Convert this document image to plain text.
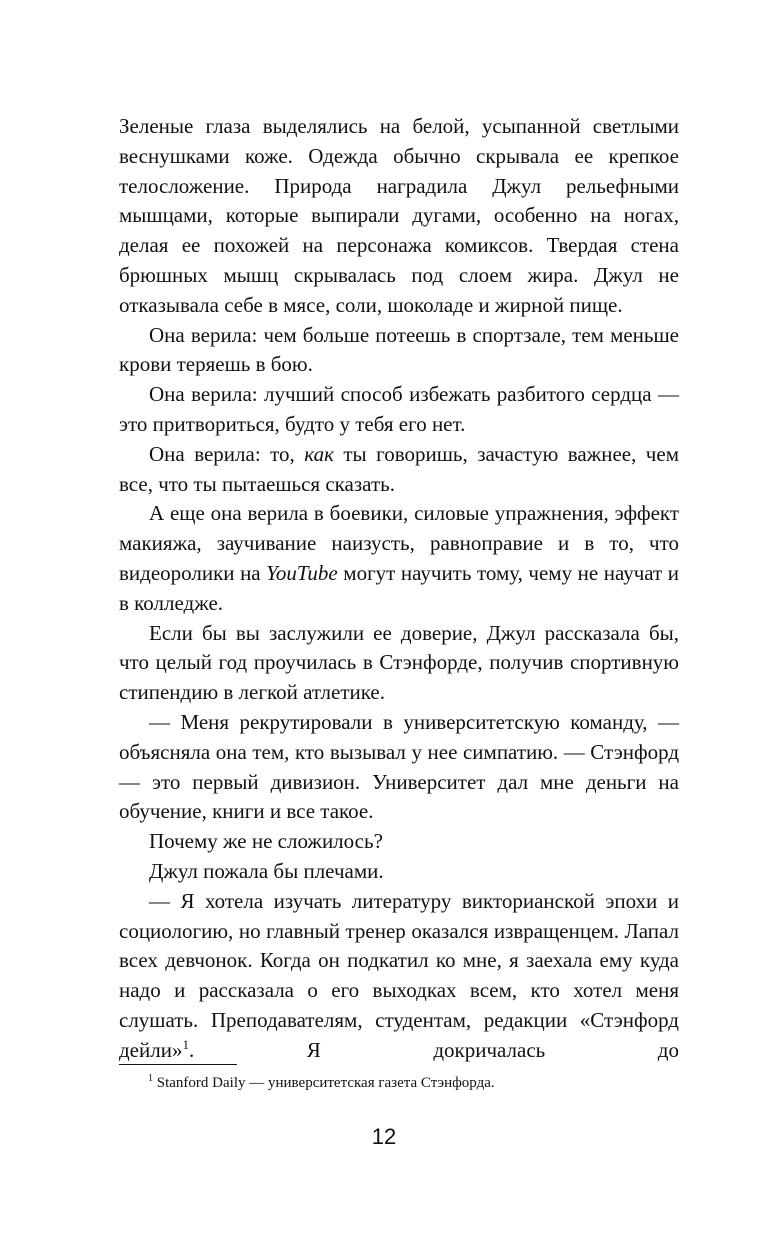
Зеленые глаза выделялись на белой, усыпанной светлыми веснушками коже. Одежда обычно скрывала ее крепкое телосложение. Природа наградила Джул рельефными мышцами, которые выпирали дугами, особенно на ногах, делая ее похожей на персонажа комиксов. Твердая стена брюшных мышц скрывалась под слоем жира. Джул не отказывала себе в мясе, соли, шоколаде и жирной пище.

Она верила: чем больше потеешь в спортзале, тем меньше крови теряешь в бою.

Она верила: лучший способ избежать разбитого сердца — это притвориться, будто у тебя его нет.

Она верила: то, как ты говоришь, зачастую важнее, чем все, что ты пытаешься сказать.

А еще она верила в боевики, силовые упражнения, эффект макияжа, заучивание наизусть, равноправие и в то, что видеоролики на YouTube могут научить тому, чему не научат и в колледже.

Если бы вы заслужили ее доверие, Джул рассказала бы, что целый год проучилась в Стэнфорде, получив спортивную стипендию в легкой атлетике.

— Меня рекрутировали в университетскую команду, — объясняла она тем, кто вызывал у нее симпатию. — Стэнфорд — это первый дивизион. Университет дал мне деньги на обучение, книги и все такое.

Почему же не сложилось?

Джул пожала бы плечами.

— Я хотела изучать литературу викторианской эпохи и социологию, но главный тренер оказался извращенцем. Лапал всех девчонок. Когда он подкатил ко мне, я заехала ему куда надо и рассказала о его выходках всем, кто хотел меня слушать. Преподавателям, студентам, редакции «Стэнфорд дейли»$^1$. Я докричалась до

$^1$ Stanford Daily — университетская газета Стэнфорда.
12
